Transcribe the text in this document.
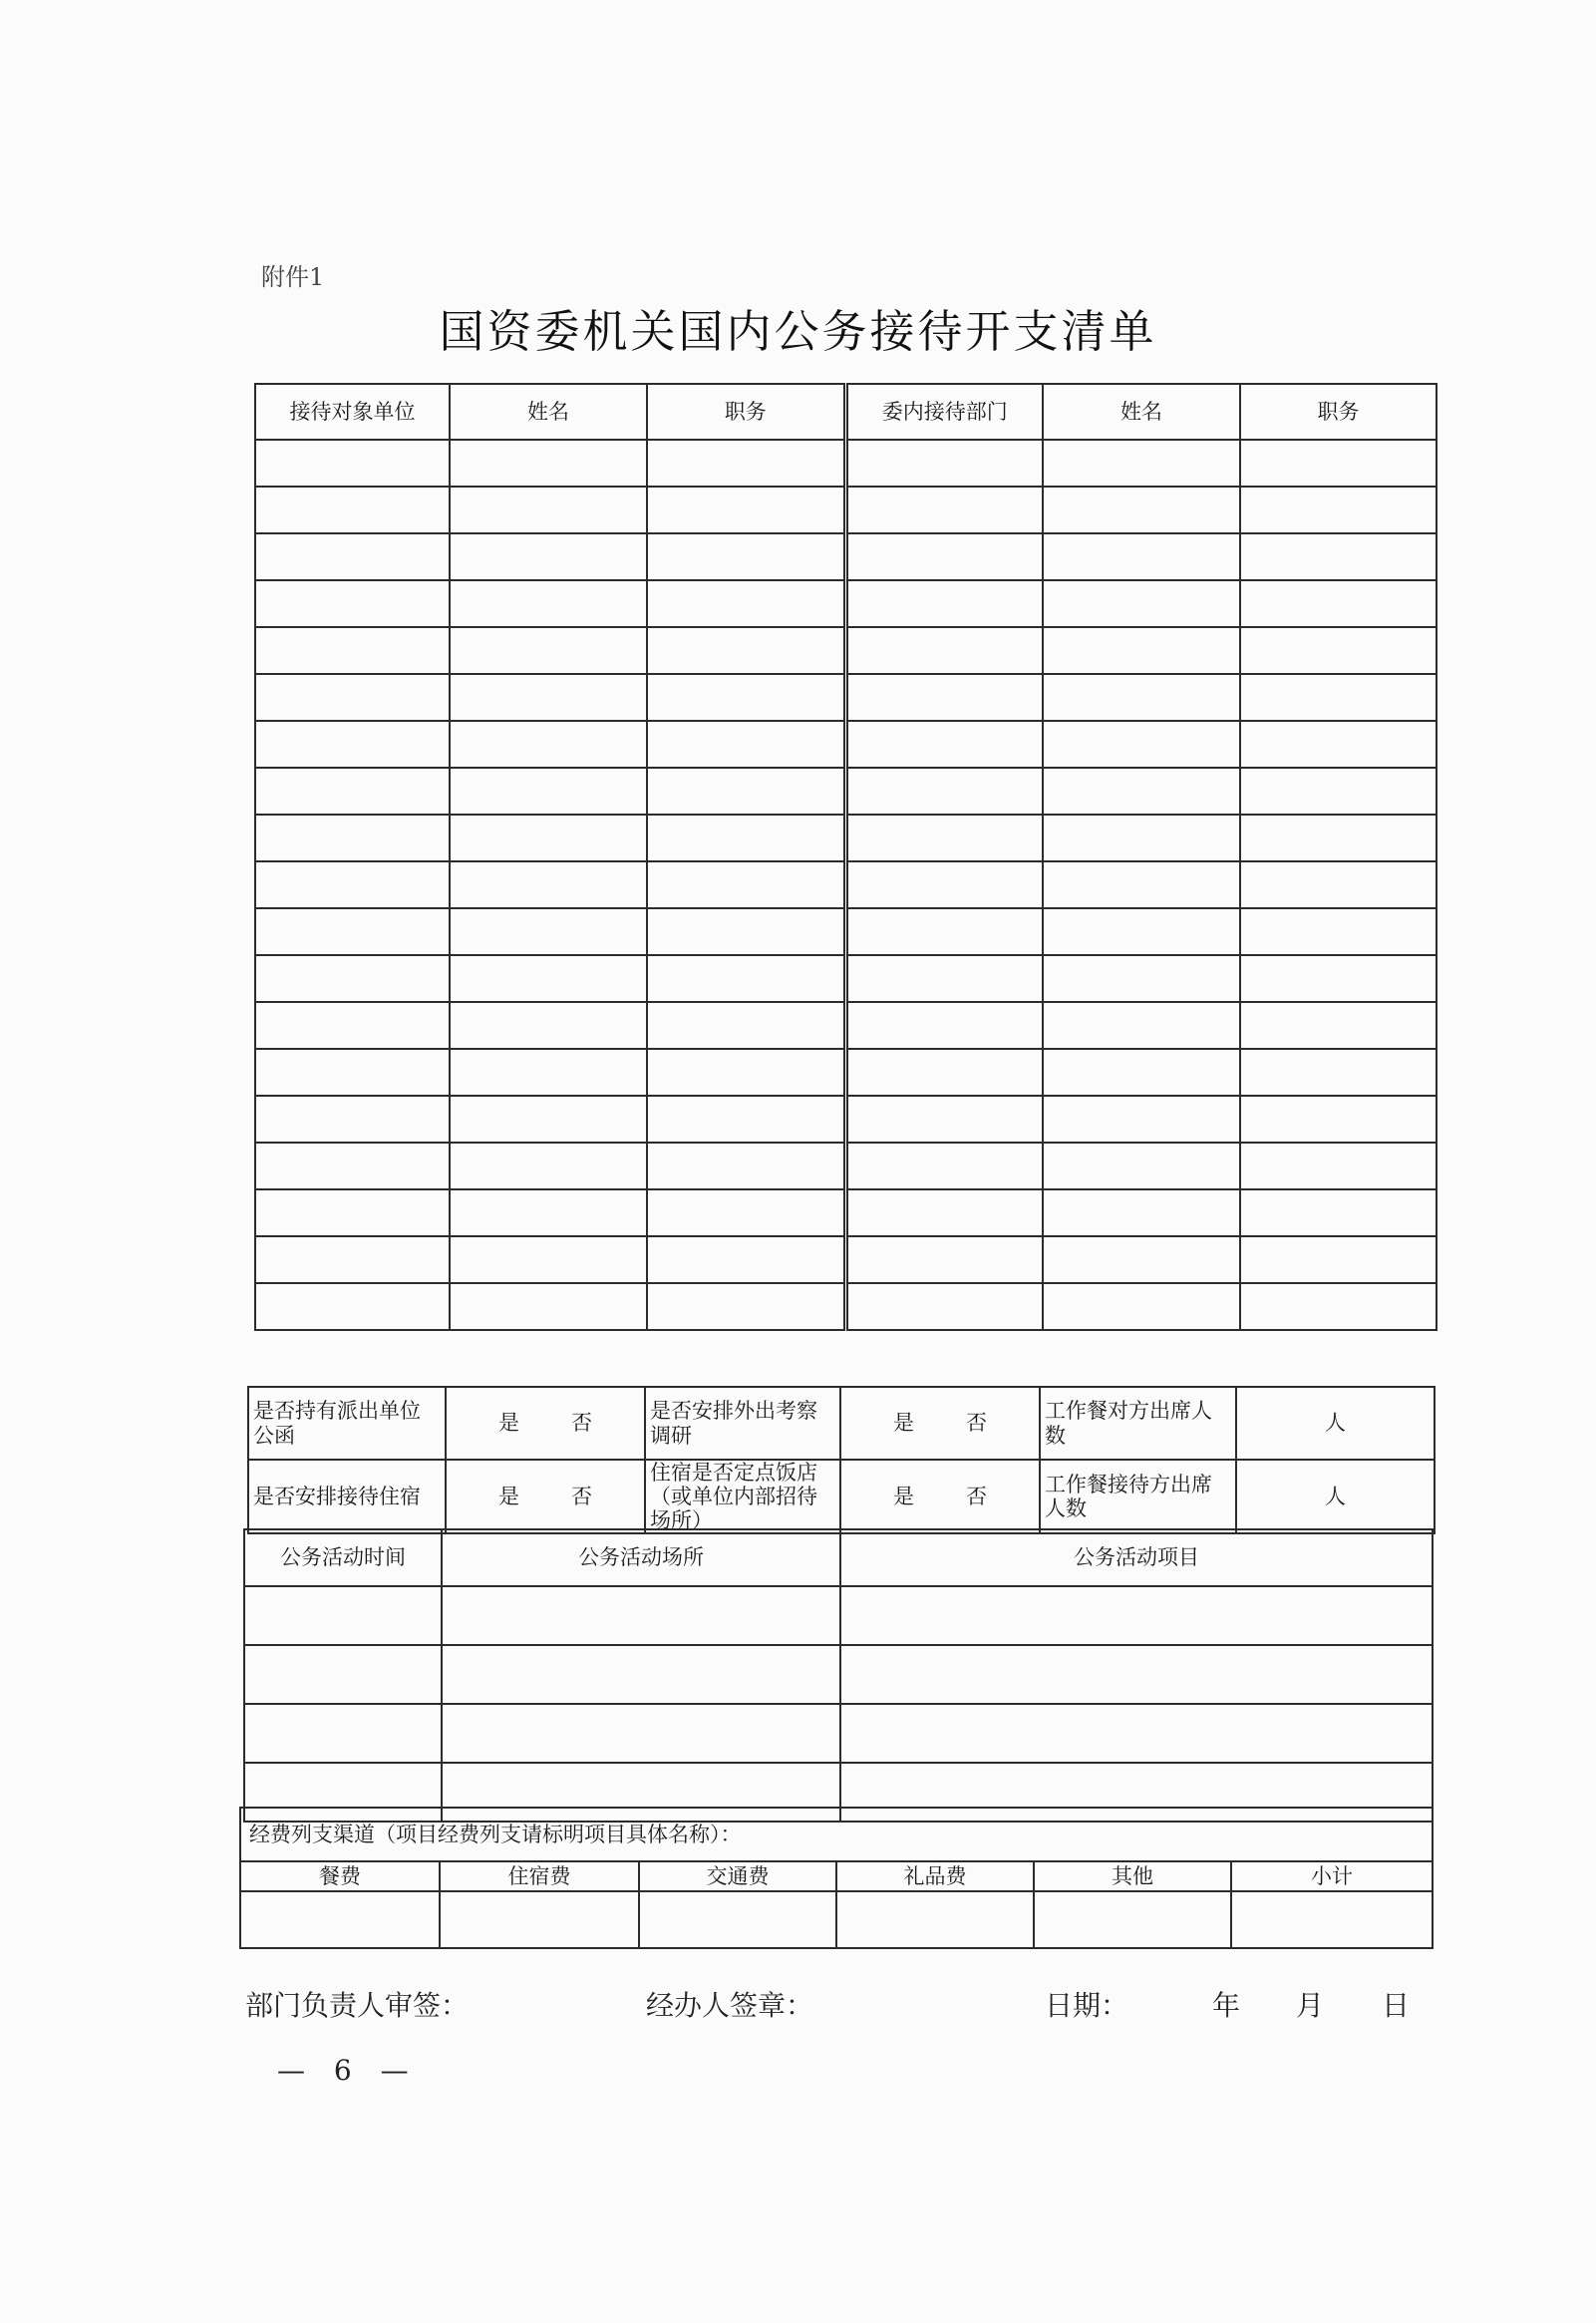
附件1
国资委机关国内公务接待开支清单
接待对象单位	姓名	职务	委内接待部门	姓名	职务

是否持有派出单位公函	是 否	是否安排外出考察调研	是 否	工作餐对方出席人数	人
是否安排接待住宿	是 否	住宿是否定点饭店（或单位内部招待场所）	是 否	工作餐接待方出席人数	人
公务活动时间	公务活动场所	公务活动项目

经费列支渠道（项目经费列支请标明项目具体名称）：					
餐费	住宿费	交通费	礼品费	其他	小计

部门负责人审签：	经办人签章：	日期：	年 月 日
— 6 —
